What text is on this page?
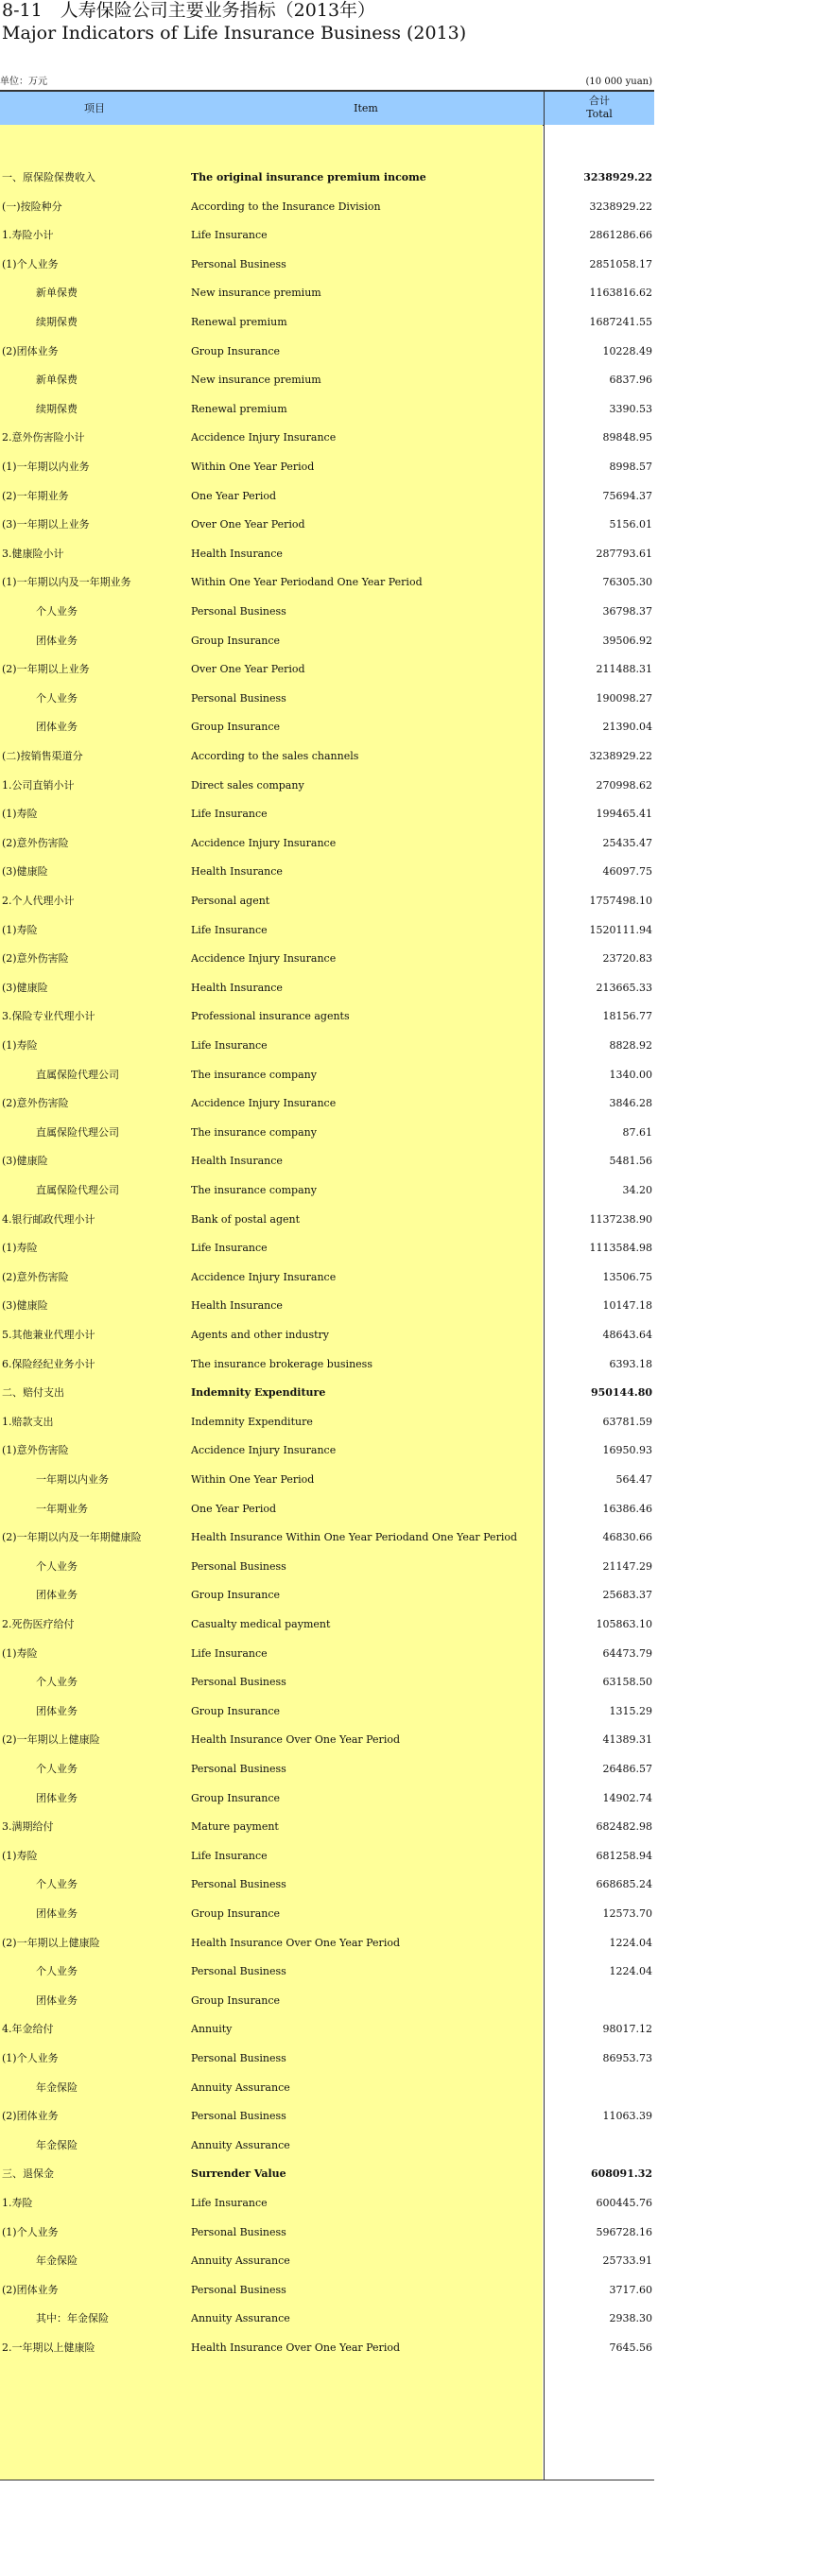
8-11　人寿保险公司主要业务指标（2013年）
Major Indicators of Life Insurance Business (2013)
单位：万元	(10 000 yuan)
项目	Item
合计
Total
一、原保险保费收入	The original insurance premium income	3238929.22
(一)按险种分	According to the Insurance Division	3238929.22
1.寿险小计	Life Insurance	2861286.66
(1)个人业务	Personal Business	2851058.17
新单保费	New insurance premium	1163816.62
续期保费	Renewal premium	1687241.55
(2)团体业务	Group Insurance	10228.49
新单保费	New insurance premium	6837.96
续期保费	Renewal premium	3390.53
2.意外伤害险小计	Accidence Injury Insurance	89848.95
(1)一年期以内业务	Within One Year Period	8998.57
(2)一年期业务	One Year Period	75694.37
(3)一年期以上业务	Over One Year Period	5156.01
3.健康险小计	Health Insurance	287793.61
(1)一年期以内及一年期业务	Within One Year Periodand One Year Period	76305.30
个人业务	Personal Business	36798.37
团体业务	Group Insurance	39506.92
(2)一年期以上业务	Over One Year Period	211488.31
个人业务	Personal Business	190098.27
团体业务	Group Insurance	21390.04
(二)按销售渠道分	According to the sales channels	3238929.22
1.公司直销小计	Direct sales company	270998.62
(1)寿险	Life Insurance	199465.41
(2)意外伤害险	Accidence Injury Insurance	25435.47
(3)健康险	Health Insurance	46097.75
2.个人代理小计	Personal agent	1757498.10
(1)寿险	Life Insurance	1520111.94
(2)意外伤害险	Accidence Injury Insurance	23720.83
(3)健康险	Health Insurance	213665.33
3.保险专业代理小计	Professional insurance agents	18156.77
(1)寿险	Life Insurance	8828.92
直属保险代理公司	The insurance company	1340.00
(2)意外伤害险	Accidence Injury Insurance	3846.28
直属保险代理公司	The insurance company	87.61
(3)健康险	Health Insurance	5481.56
直属保险代理公司	The insurance company	34.20
4.银行邮政代理小计	Bank of postal agent	1137238.90
(1)寿险	Life Insurance	1113584.98
(2)意外伤害险	Accidence Injury Insurance	13506.75
(3)健康险	Health Insurance	10147.18
5.其他兼业代理小计	Agents and other industry	48643.64
6.保险经纪业务小计	The insurance brokerage business	6393.18
二、赔付支出	Indemnity Expenditure	950144.80
1.赔款支出	Indemnity Expenditure	63781.59
(1)意外伤害险	Accidence Injury Insurance	16950.93
一年期以内业务	Within One Year Period	564.47
一年期业务	One Year Period	16386.46
(2)一年期以内及一年期健康险	Health Insurance Within One Year Periodand One Year Period	46830.66
个人业务	Personal Business	21147.29
团体业务	Group Insurance	25683.37
2.死伤医疗给付	Casualty medical payment	105863.10
(1)寿险	Life Insurance	64473.79
个人业务	Personal Business	63158.50
团体业务	Group Insurance	1315.29
(2)一年期以上健康险	Health Insurance Over One Year Period	41389.31
个人业务	Personal Business	26486.57
团体业务	Group Insurance	14902.74
3.满期给付	Mature payment	682482.98
(1)寿险	Life Insurance	681258.94
个人业务	Personal Business	668685.24
团体业务	Group Insurance	12573.70
(2)一年期以上健康险	Health Insurance Over One Year Period	1224.04
个人业务	Personal Business	1224.04
团体业务	Group Insurance
4.年金给付	Annuity	98017.12
(1)个人业务	Personal Business	86953.73
年金保险	Annuity Assurance
(2)团体业务	Personal Business	11063.39
年金保险	Annuity Assurance
三、退保金	Surrender Value	608091.32
1.寿险	Life Insurance	600445.76
(1)个人业务	Personal Business	596728.16
年金保险	Annuity Assurance	25733.91
(2)团体业务	Personal Business	3717.60
其中：年金保险	Annuity Assurance	2938.30
2.一年期以上健康险	Health Insurance Over One Year Period	7645.56
